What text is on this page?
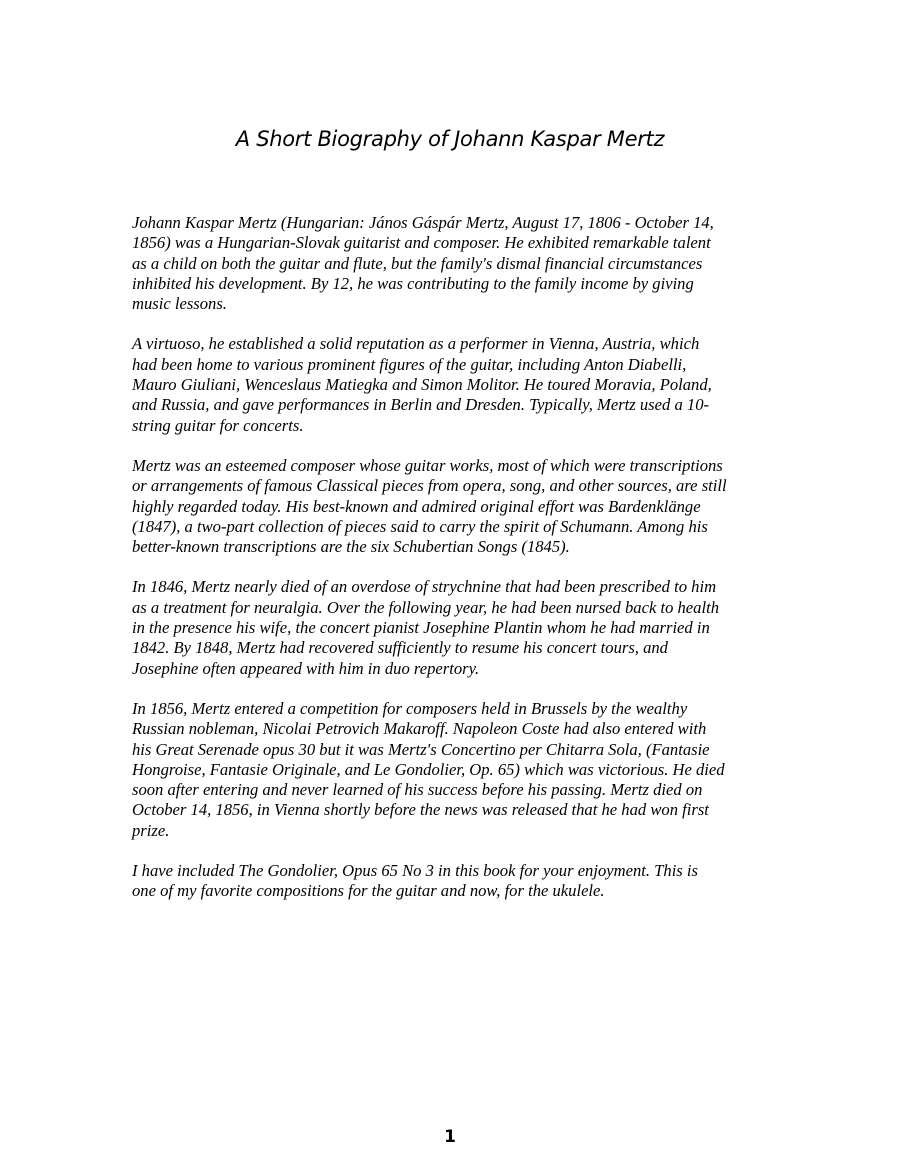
A Short Biography of Johann Kaspar Mertz

Johann Kaspar Mertz (Hungarian: János Gáspár Mertz, August 17, 1806 - October 14,
1856) was a Hungarian-Slovak guitarist and composer. He exhibited remarkable talent
as a child on both the guitar and flute, but the family's dismal financial circumstances
inhibited his development. By 12, he was contributing to the family income by giving
music lessons.

A virtuoso, he established a solid reputation as a performer in Vienna, Austria, which
had been home to various prominent figures of the guitar, including Anton Diabelli,
Mauro Giuliani, Wenceslaus Matiegka and Simon Molitor. He toured Moravia, Poland,
and Russia, and gave performances in Berlin and Dresden. Typically, Mertz used a 10-
string guitar for concerts.

Mertz was an esteemed composer whose guitar works, most of which were transcriptions
or arrangements of famous Classical pieces from opera, song, and other sources, are still
highly regarded today. His best-known and admired original effort was Bardenklänge
(1847), a two-part collection of pieces said to carry the spirit of Schumann. Among his
better-known transcriptions are the six Schubertian Songs (1845).

In 1846, Mertz nearly died of an overdose of strychnine that had been prescribed to him
as a treatment for neuralgia. Over the following year, he had been nursed back to health
in the presence his wife, the concert pianist Josephine Plantin whom he had married in
1842. By 1848, Mertz had recovered sufficiently to resume his concert tours, and
Josephine often appeared with him in duo repertory.

In 1856, Mertz entered a competition for composers held in Brussels by the wealthy
Russian nobleman, Nicolai Petrovich Makaroff. Napoleon Coste had also entered with
his Great Serenade opus 30 but it was Mertz's Concertino per Chitarra Sola, (Fantasie
Hongroise, Fantasie Originale, and Le Gondolier, Op. 65) which was victorious. He died
soon after entering and never learned of his success before his passing. Mertz died on
October 14, 1856, in Vienna shortly before the news was released that he had won first
prize.

I have included The Gondolier, Opus 65 No 3 in this book for your enjoyment. This is
one of my favorite compositions for the guitar and now, for the ukulele.

1
